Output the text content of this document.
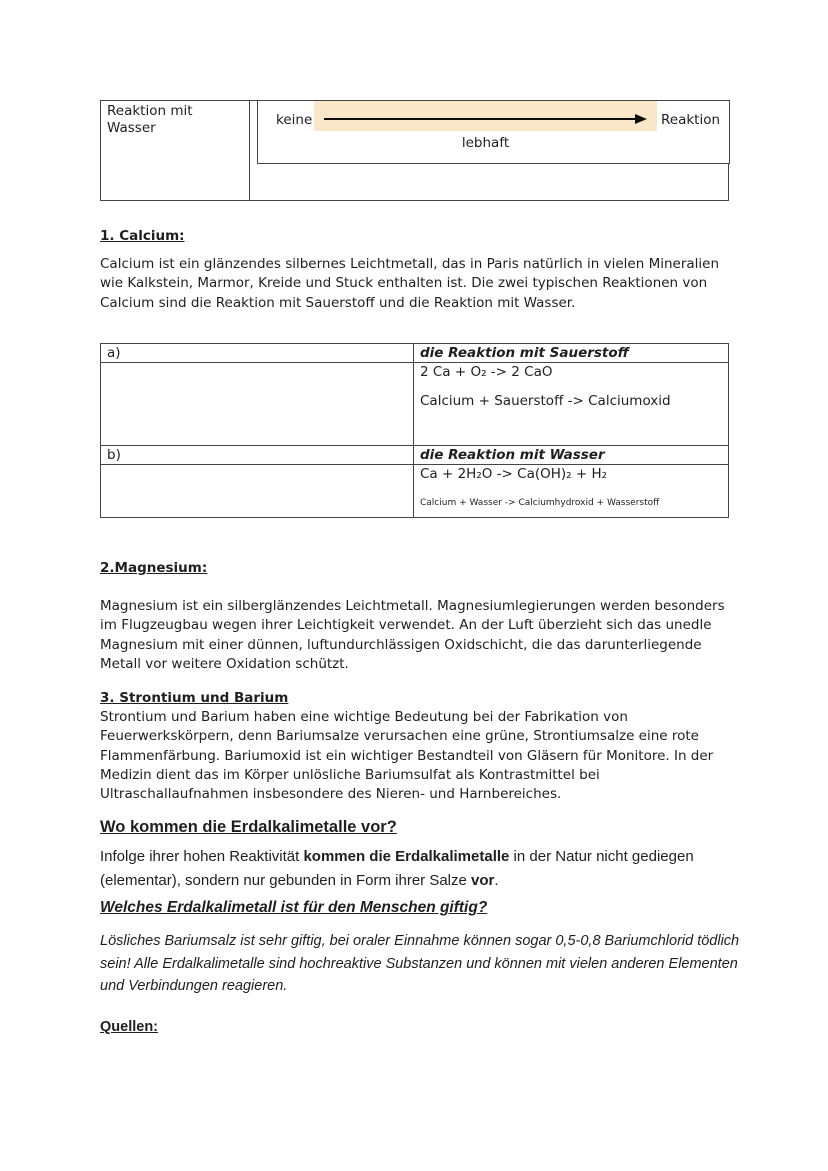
Reaktion mit Wasser	keine	Reaktion
lebhaft
1. Calcium:

Calcium ist ein glänzendes silbernes Leichtmetall, das in Paris natürlich in vielen Mineralien wie Kalkstein, Marmor, Kreide und Stuck enthalten ist. Die zwei typischen Reaktionen von Calcium sind die Reaktion mit Sauerstoff und die Reaktion mit Wasser.

a)	die Reaktion mit Sauerstoff

	2 Ca + O₂ -> 2 CaO
Calcium + Sauerstoff -> Calciumoxid

b)	die Reaktion mit Wasser

	Ca + 2H₂O -> Ca(OH)₂ + H₂
Calcium + Wasser -> Calciumhydroxid + Wasserstoff
2.Magnesium:

Magnesium ist ein silberglänzendes Leichtmetall. Magnesiumlegierungen werden besonders im Flugzeugbau wegen ihrer Leichtigkeit verwendet. An der Luft überzieht sich das unedle Magnesium mit einer dünnen, luftundurchlässigen Oxidschicht, die das darunterliegende Metall vor weitere Oxidation schützt.

3. Strontium und Barium

Strontium und Barium haben eine wichtige Bedeutung bei der Fabrikation von Feuerwerkskörpern, denn Bariumsalze verursachen eine grüne, Strontiumsalze eine rote Flammenfärbung. Bariumoxid ist ein wichtiger Bestandteil von Gläsern für Monitore. In der Medizin dient das im Körper unlösliche Bariumsulfat als Kontrastmittel bei Ultraschallaufnahmen insbesondere des Nieren- und Harnbereiches.

Wo kommen die Erdalkalimetalle vor?

Infolge ihrer hohen Reaktivität kommen die Erdalkalimetalle in der Natur nicht gediegen (elementar), sondern nur gebunden in Form ihrer Salze vor.

Welches Erdalkalimetall ist für den Menschen giftig?

Lösliches Bariumsalz ist sehr giftig, bei oraler Einnahme können sogar 0,5-0,8 Bariumchlorid tödlich sein! Alle Erdalkalimetalle sind hochreaktive Substanzen und können mit vielen anderen Elementen und Verbindungen reagieren.

Quellen:
